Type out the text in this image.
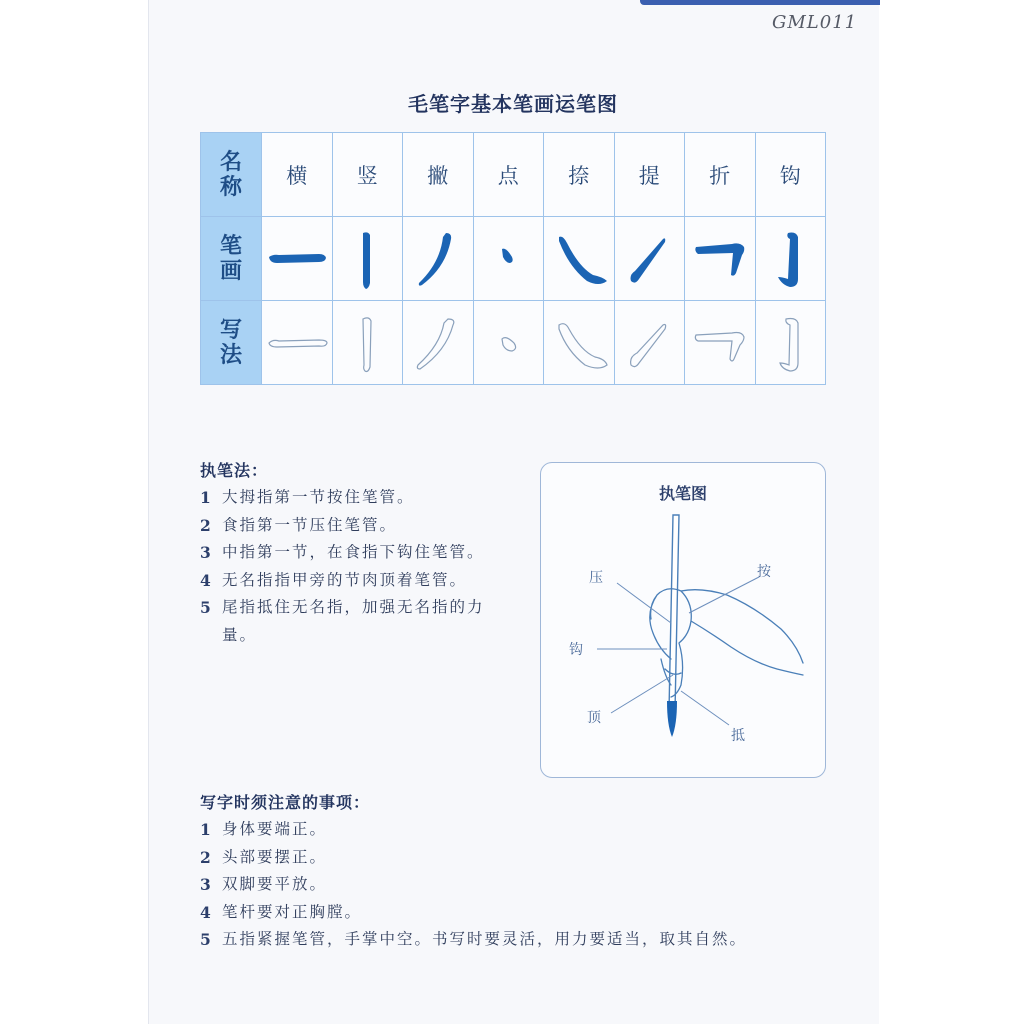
GML011
毛笔字基本笔画运笔图
名称	横	竖	撇	点	捺	提	折	钩
笔画	

写法	

执笔法：
1 大拇指第一节按住笔管。
2 食指第一节压住笔管。
3 中指第一节，在食指下钩住笔管。
4 无名指指甲旁的节肉顶着笔管。
5 尾指抵住无名指，加强无名指的力量。
执笔图
压	按
钩
顶
抵
写字时须注意的事项：
1 身体要端正。
2 头部要摆正。
3 双脚要平放。
4 笔杆要对正胸膛。
5 五指紧握笔管，手掌中空。书写时要灵活，用力要适当，取其自然。
